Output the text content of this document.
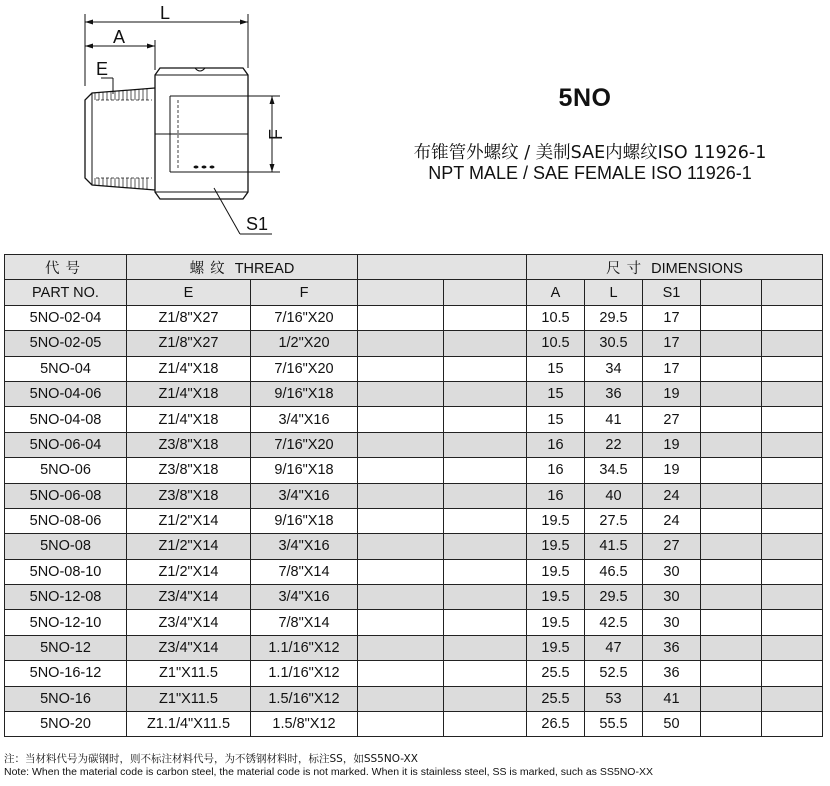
L
A
E
F
S1
5NO
布锥管外螺纹 / 美制SAE内螺纹ISO 11926-1
NPT MALE / SAE FEMALE ISO 11926-1
代号	螺纹 THREAD				尺寸 DIMENSIONS				
PART NO.	E	F			A	L	S1		
5NO-02-04	Z1/8"X27	7/16"X20			10.5	29.5	17		
5NO-02-05	Z1/8"X27	1/2"X20			10.5	30.5	17		
5NO-04	Z1/4"X18	7/16"X20			15	34	17		
5NO-04-06	Z1/4"X18	9/16"X18			15	36	19		
5NO-04-08	Z1/4"X18	3/4"X16			15	41	27		
5NO-06-04	Z3/8"X18	7/16"X20			16	22	19		
5NO-06	Z3/8"X18	9/16"X18			16	34.5	19		
5NO-06-08	Z3/8"X18	3/4"X16			16	40	24		
5NO-08-06	Z1/2"X14	9/16"X18			19.5	27.5	24		
5NO-08	Z1/2"X14	3/4"X16			19.5	41.5	27		
5NO-08-10	Z1/2"X14	7/8"X14			19.5	46.5	30		
5NO-12-08	Z3/4"X14	3/4"X16			19.5	29.5	30		
5NO-12-10	Z3/4"X14	7/8"X14			19.5	42.5	30		
5NO-12	Z3/4"X14	1.1/16"X12			19.5	47	36		
5NO-16-12	Z1"X11.5	1.1/16"X12			25.5	52.5	36		
5NO-16	Z1"X11.5	1.5/16"X12			25.5	53	41		
5NO-20	Z1.1/4"X11.5	1.5/8"X12			26.5	55.5	50		
注：当材料代号为碳钢时，则不标注材料代号，为不锈钢材料时，标注SS，如SS5NO-XX
Note: When the material code is carbon steel, the material code is not marked. When it is stainless steel, SS is marked, such as SS5NO-XX
